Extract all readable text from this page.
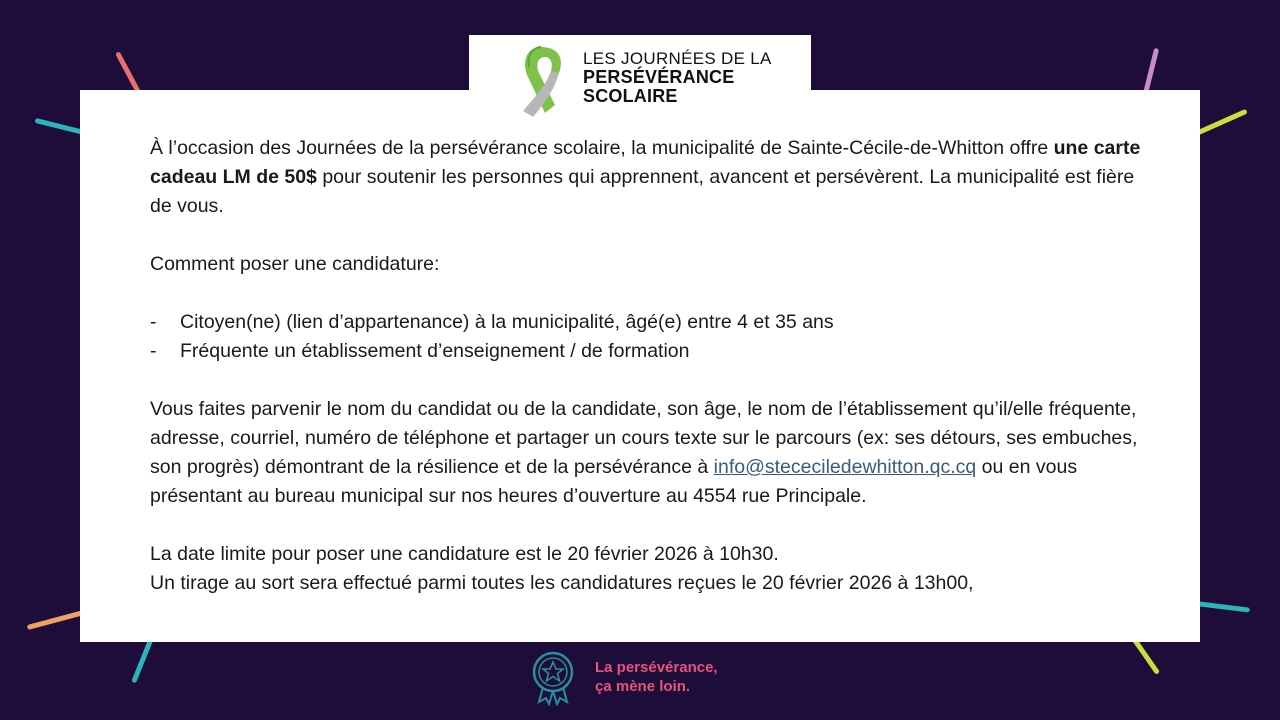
LES JOURNÉES DE LA
PERSÉVÉRANCE
SCOLAIRE

À l’occasion des Journées de la persévérance scolaire, la municipalité de Sainte-Cécile-de-Whitton offre une carte cadeau LM de 50$ pour soutenir les personnes qui apprennent, avancent et persévèrent. La municipalité est fière de vous.

Comment poser une candidature:

-	Citoyen(ne) (lien d’appartenance) à la municipalité, âgé(e) entre 4 et 35 ans
-	Fréquente un établissement d’enseignement / de formation

Vous faites parvenir le nom du candidat ou de la candidate, son âge, le nom de l’établissement qu’il/elle fréquente, adresse, courriel, numéro de téléphone et partager un cours texte sur le parcours (ex: ses détours, ses embuches, son progrès) démontrant de la résilience et de la persévérance à info@stececiledewhitton.qc.cq ou en vous présentant au bureau municipal sur nos heures d’ouverture au 4554 rue Principale.

La date limite pour poser une candidature est le 20 février 2026 à 10h30.

Un tirage au sort sera effectué parmi toutes les candidatures reçues le 20 février 2026 à 13h00,

La persévérance,
ça mène loin.
